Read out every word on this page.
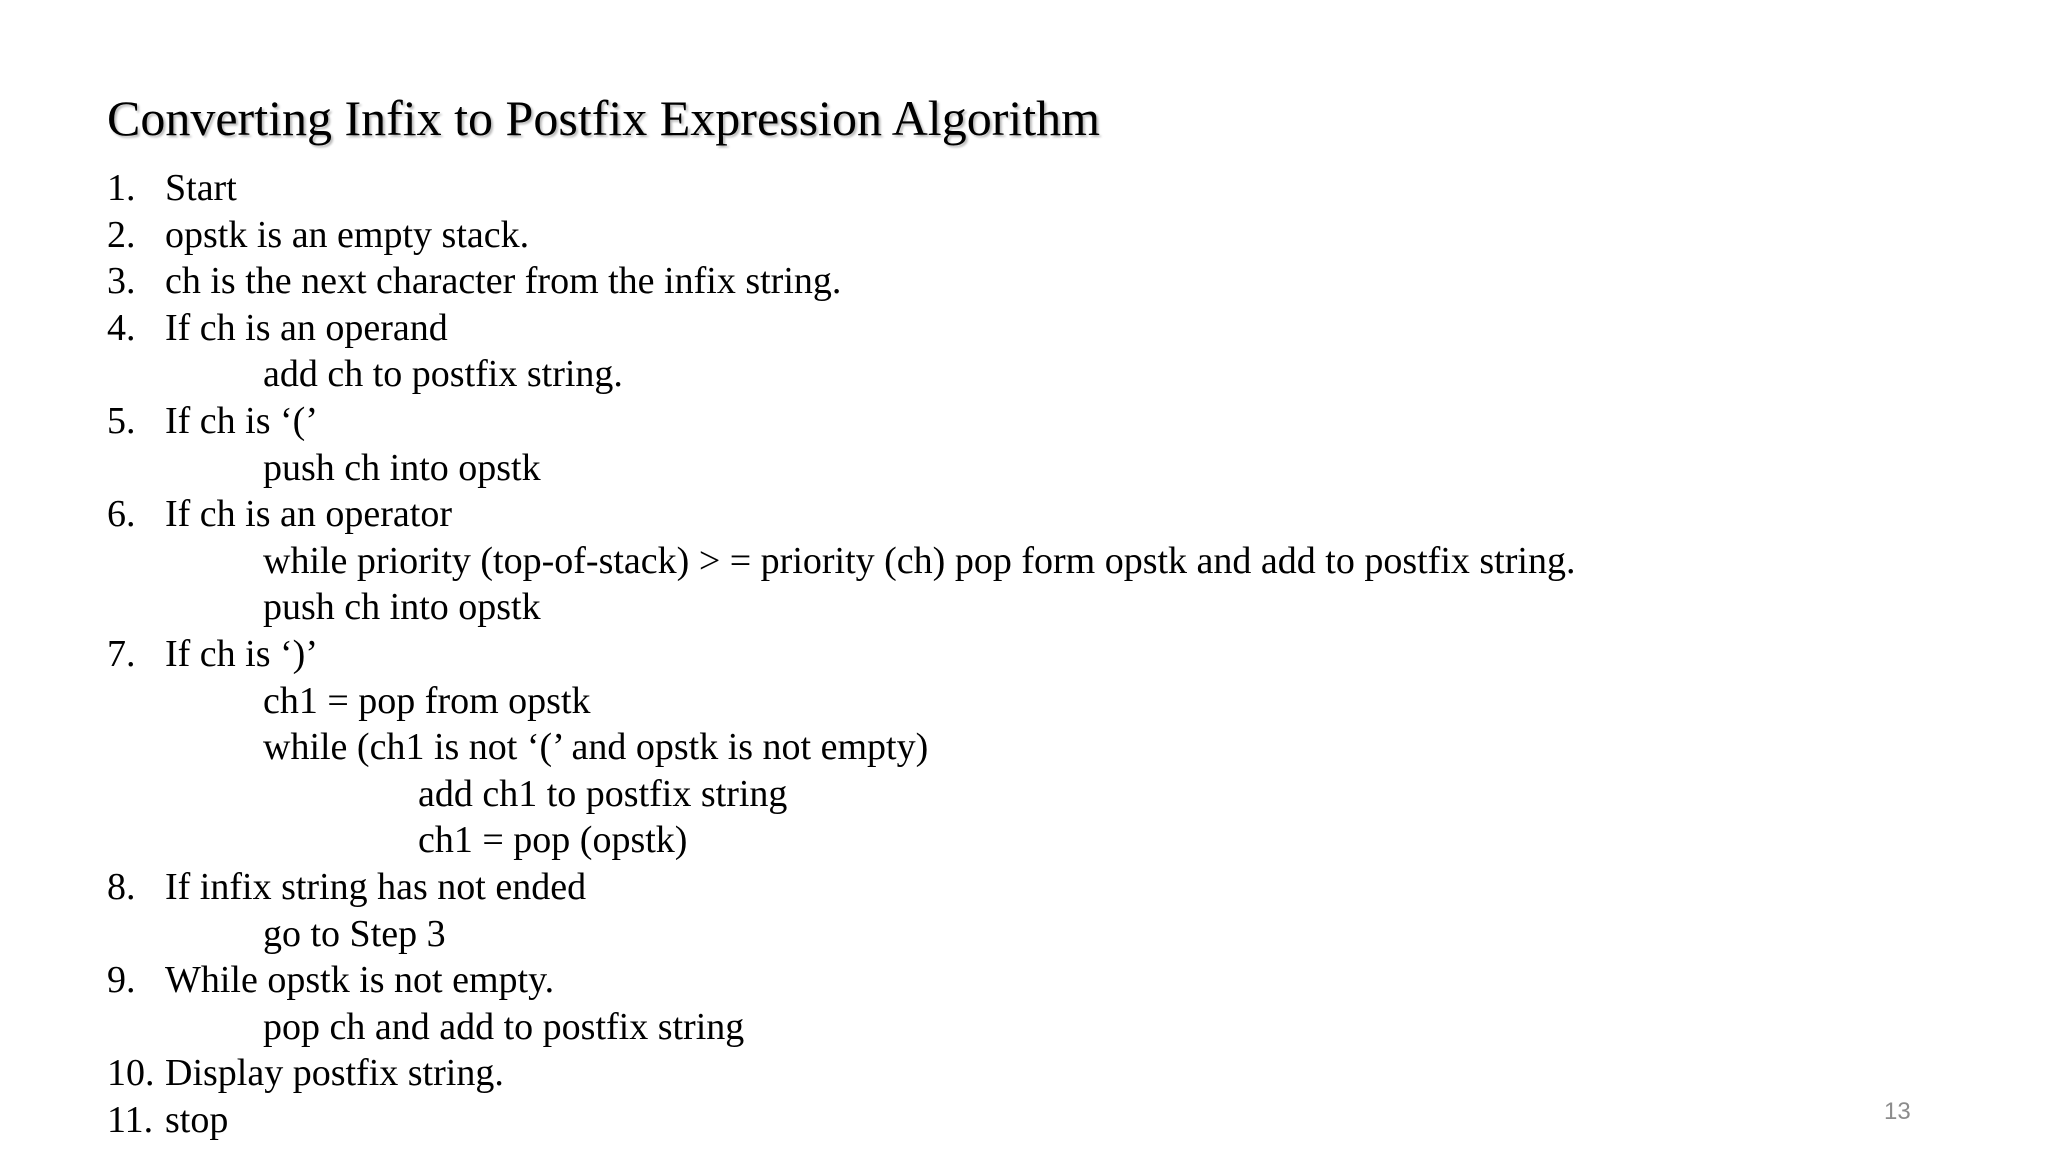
Converting Infix to Postfix Expression Algorithm
1. Start
2. opstk is an empty stack.
3. ch is the next character from the infix string.
4. If ch is an operand
add ch to postfix string.
5. If ch is ‘(’
push ch into opstk
6. If ch is an operator
while priority (top-of-stack) > = priority (ch) pop form opstk and add to postfix string.
push ch into opstk
7. If ch is ‘)’
ch1 = pop from opstk
while (ch1 is not ‘(’ and opstk is not empty)
add ch1 to postfix string
ch1 = pop (opstk)
8. If infix string has not ended
go to Step 3
9. While opstk is not empty.
pop ch and add to postfix string
10. Display postfix string.
11. stop	13
